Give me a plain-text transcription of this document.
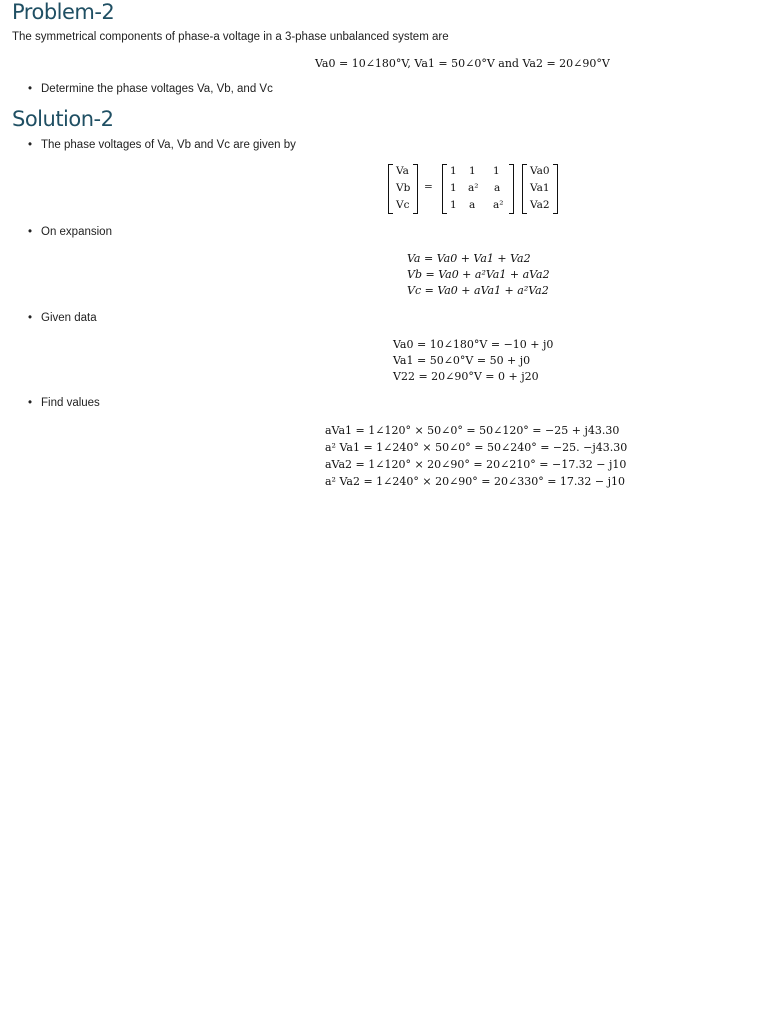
Problem-2
The symmetrical components of phase-a voltage in a 3-phase unbalanced system are
Va0 = 10∠180°V, Va1 = 50∠0°V and Va2 = 20∠90°V
• Determine the phase voltages Va, Vb, and Vc
Solution-2
• The phase voltages of Va, Vb and Vc are given by
Va
Vb
Vc
=
1 1 1
1 a² a
1 a a²
Va0
Va1
Va2
• On expansion
Va = Va0 + Va1 + Va2
Vb = Va0 + a²Va1 + aVa2
Vc = Va0 + aVa1 + a²Va2
• Given data
Va0 = 10∠180°V = −10 + j0
Va1 = 50∠0°V = 50 + j0
V22 = 20∠90°V = 0 + j20
• Find values
aVa1 = 1∠120° × 50∠0° = 50∠120° = −25 + j43.30
a² Va1 = 1∠240° × 50∠0° = 50∠240° = −25. −j43.30
aVa2 = 1∠120° × 20∠90° = 20∠210° = −17.32 − j10
a² Va2 = 1∠240° × 20∠90° = 20∠330° = 17.32 − j10
